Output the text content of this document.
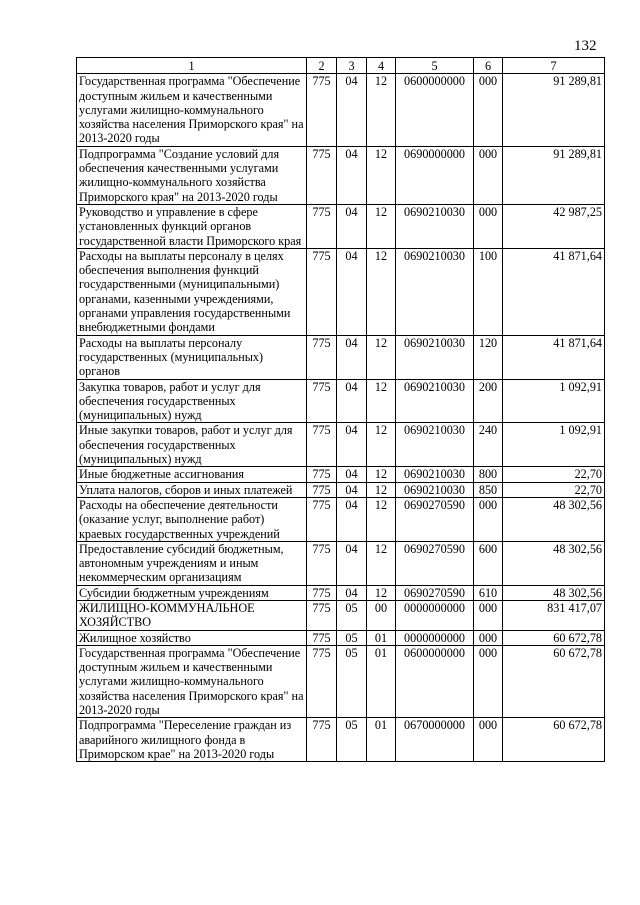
132
1	2	3	4	5	6	7
Государственная программа "Обеспечение доступным жильем и качественными услугами жилищно-коммунального хозяйства населения Приморского края" на 2013-2020 годы	775	04	12	0600000000	000	91 289,81
Подпрограмма "Создание условий для обеспечения качественными услугами жилищно-коммунального хозяйства Приморского края" на 2013-2020 годы	775	04	12	0690000000	000	91 289,81
Руководство и управление в сфере установленных функций органов государственной власти Приморского края	775	04	12	0690210030	000	42 987,25
Расходы на выплаты персоналу в целях обеспечения выполнения функций государственными (муниципальными) органами, казенными учреждениями, органами управления государственными внебюджетными фондами	775	04	12	0690210030	100	41 871,64
Расходы на выплаты персоналу государственных (муниципальных) органов	775	04	12	0690210030	120	41 871,64
Закупка товаров, работ и услуг для обеспечения государственных (муниципальных) нужд	775	04	12	0690210030	200	1 092,91
Иные закупки товаров, работ и услуг для обеспечения государственных (муниципальных) нужд	775	04	12	0690210030	240	1 092,91
Иные бюджетные ассигнования	775	04	12	0690210030	800	22,70
Уплата налогов, сборов и иных платежей	775	04	12	0690210030	850	22,70
Расходы на обеспечение деятельности (оказание услуг, выполнение работ) краевых государственных учреждений	775	04	12	0690270590	000	48 302,56
Предоставление субсидий бюджетным, автономным учреждениям и иным некоммерческим организациям	775	04	12	0690270590	600	48 302,56
Субсидии бюджетным учреждениям	775	04	12	0690270590	610	48 302,56
ЖИЛИЩНО-КОММУНАЛЬНОЕ ХОЗЯЙСТВО	775	05	00	0000000000	000	831 417,07
Жилищное хозяйство	775	05	01	0000000000	000	60 672,78
Государственная программа "Обеспечение доступным жильем и качественными услугами жилищно-коммунального хозяйства населения Приморского края" на 2013-2020 годы	775	05	01	0600000000	000	60 672,78
Подпрограмма "Переселение граждан из аварийного жилищного фонда в Приморском крае" на 2013-2020 годы	775	05	01	0670000000	000	60 672,78
